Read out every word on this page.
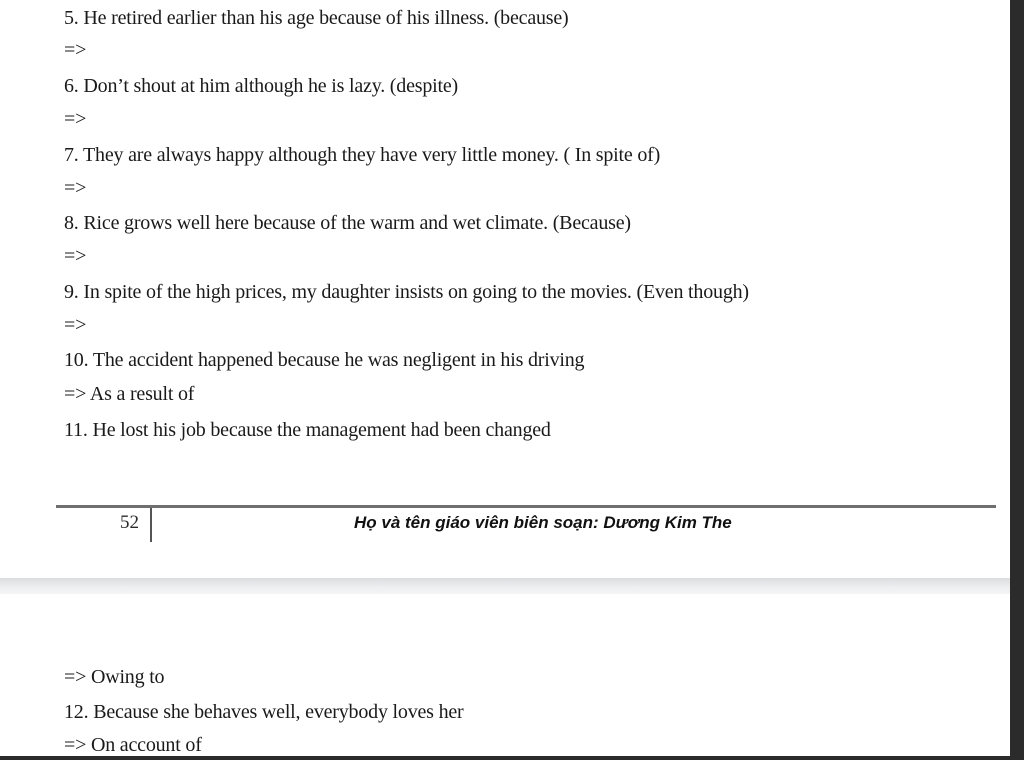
5. He retired earlier than his age because of his illness. (because)
=>
6. Don’t shout at him although he is lazy. (despite)
=>
7. They are always happy although they have very little money. ( In spite of)
=>
8. Rice grows well here because of the warm and wet climate. (Because)
=>
9. In spite of the high prices, my daughter insists on going to the movies. (Even though)
=>
10. The accident happened because he was negligent in his driving
=> As a result of
11. He lost his job because the management had been changed
52	Họ và tên giáo viên biên soạn: Dương Kim The
=> Owing to
12. Because she behaves well, everybody loves her
=> On account of
